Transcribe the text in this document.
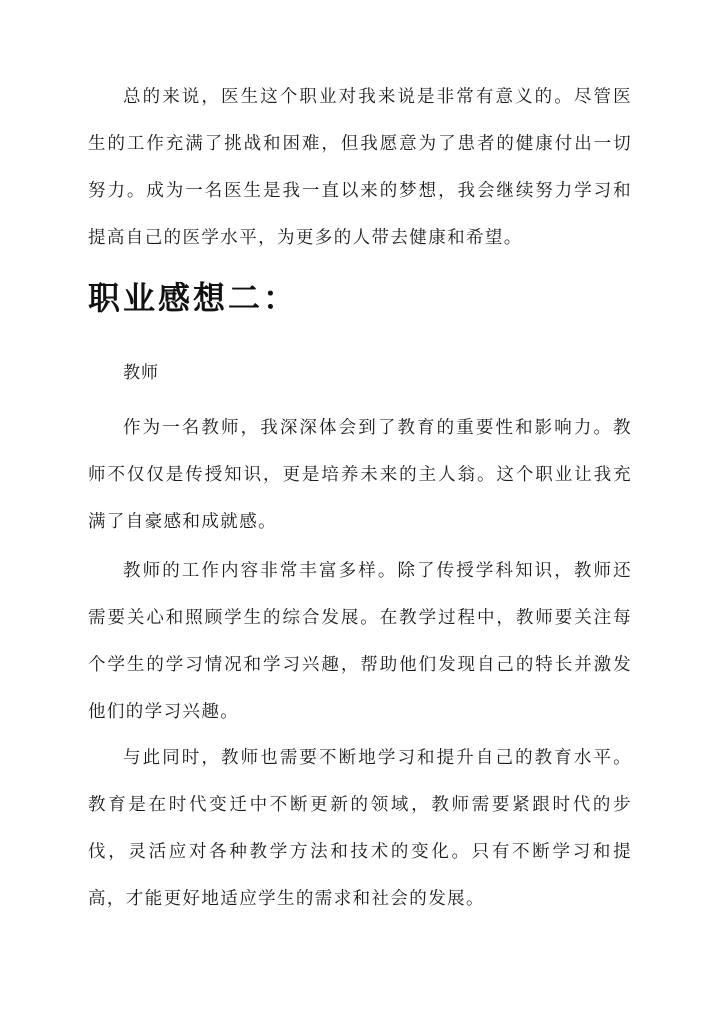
总的来说，医生这个职业对我来说是非常有意义的。尽管医生的工作充满了挑战和困难，但我愿意为了患者的健康付出一切努力。成为一名医生是我一直以来的梦想，我会继续努力学习和提高自己的医学水平，为更多的人带去健康和希望。

职业感想二：

教师

作为一名教师，我深深体会到了教育的重要性和影响力。教师不仅仅是传授知识，更是培养未来的主人翁。这个职业让我充满了自豪感和成就感。

教师的工作内容非常丰富多样。除了传授学科知识，教师还需要关心和照顾学生的综合发展。在教学过程中，教师要关注每个学生的学习情况和学习兴趣，帮助他们发现自己的特长并激发他们的学习兴趣。

与此同时，教师也需要不断地学习和提升自己的教育水平。教育是在时代变迁中不断更新的领域，教师需要紧跟时代的步伐，灵活应对各种教学方法和技术的变化。只有不断学习和提高，才能更好地适应学生的需求和社会的发展。
